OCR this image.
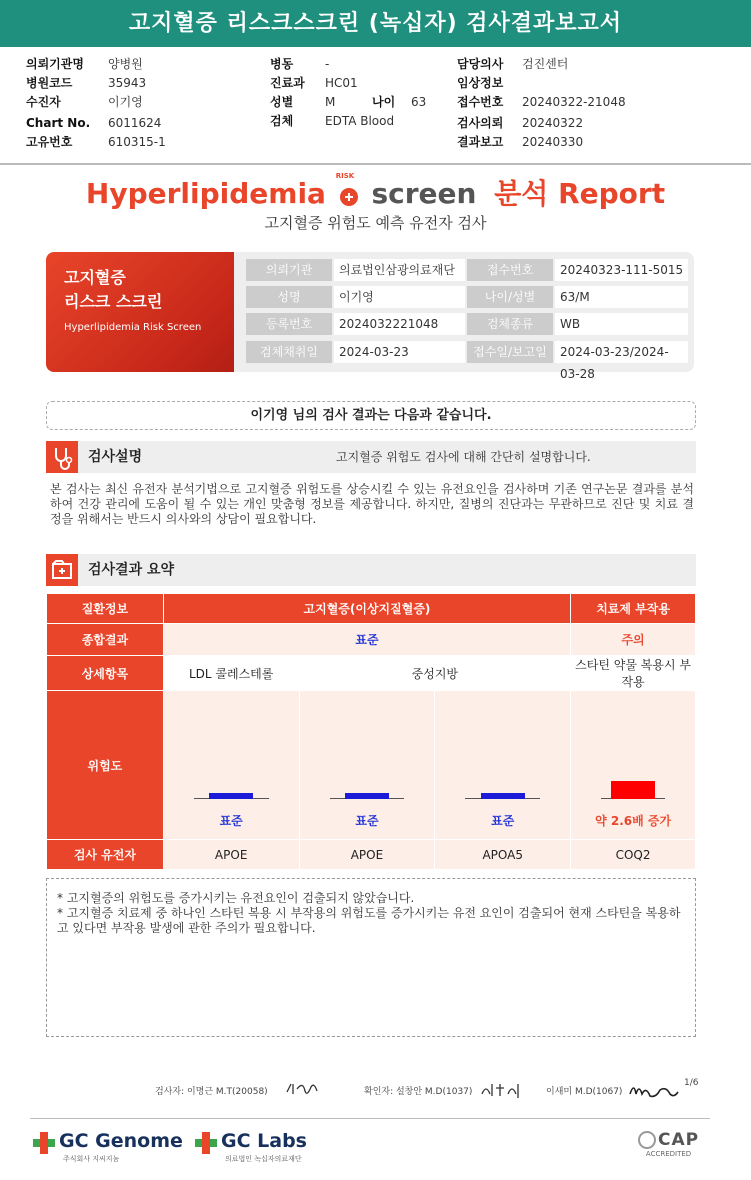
고지혈증 리스크스크린 (녹십자) 검사결과보고서
의뢰기관명 양병원
병원코드	35943
수진자	이기영
Chart No. 6011624
고유번호	610315-1
병동	-
진료과 HC01
성별	M	나이 63
검체	EDTA Blood
담당의사 검진센터
임상정보
접수번호 20240322-21048
검사의뢰 20240322
결과보고 20240330
Hyperlipidemia
RISK
screen 분석 Report
고지혈증 위험도 예측 유전자 검사
고지혈증
리스크 스크린
Hyperlipidemia Risk Screen
의뢰기관	의료법인삼광의료재단	접수번호	20240323-111-5015
성명	이기영	나이/성별	63/M
등록번호	2024032221048	검체종류	WB
검체채취일	2024-03-23	접수일/보고일	2024-03-23/2024-03-28
이기영 님의 검사 결과는 다음과 같습니다.
검사설명	고지혈증 위험도 검사에 대해 간단히 설명합니다.
본 검사는 최신 유전자 분석기법으로 고지혈증 위험도를 상승시킬 수 있는 유전요인을 검사하며 기존 연구논문 결과를 분석하여 건강 관리에 도움이 될 수 있는 개인 맞춤형 정보를 제공합니다. 하지만, 질병의 진단과는 무관하므로 진단 및 치료 결정을 위해서는 반드시 의사와의 상담이 필요합니다.
검사결과 요약
질환정보	고지혈증(이상지질혈증)			치료제 부작용
종합결과	표준			주의
상세항목	LDL 콜레스테롤	중성지방		스타틴 약물 복용시 부작용
위험도	표준	표준	표준	약 2.6배 증가

검사 유전자	APOE	APOE	APOA5	COQ2
* 고지혈증의 위험도를 증가시키는 유전요인이 검출되지 않았습니다.
* 고지혈증 치료제 중 하나인 스타틴 복용 시 부작용의 위험도를 증가시키는 유전 요인이 검출되어 현재 스타틴을 복용하고 있다면 부작용 발생에 관한 주의가 필요합니다.
검사자: 이명근 M.T(20058)	확인자: 설창안 M.D(1037)	이새미 M.D(1067)
1/6
GC Genome
주식회사 지씨지놈
GC Labs
의료법인 녹십자의료재단
CAP
ACCREDITED
